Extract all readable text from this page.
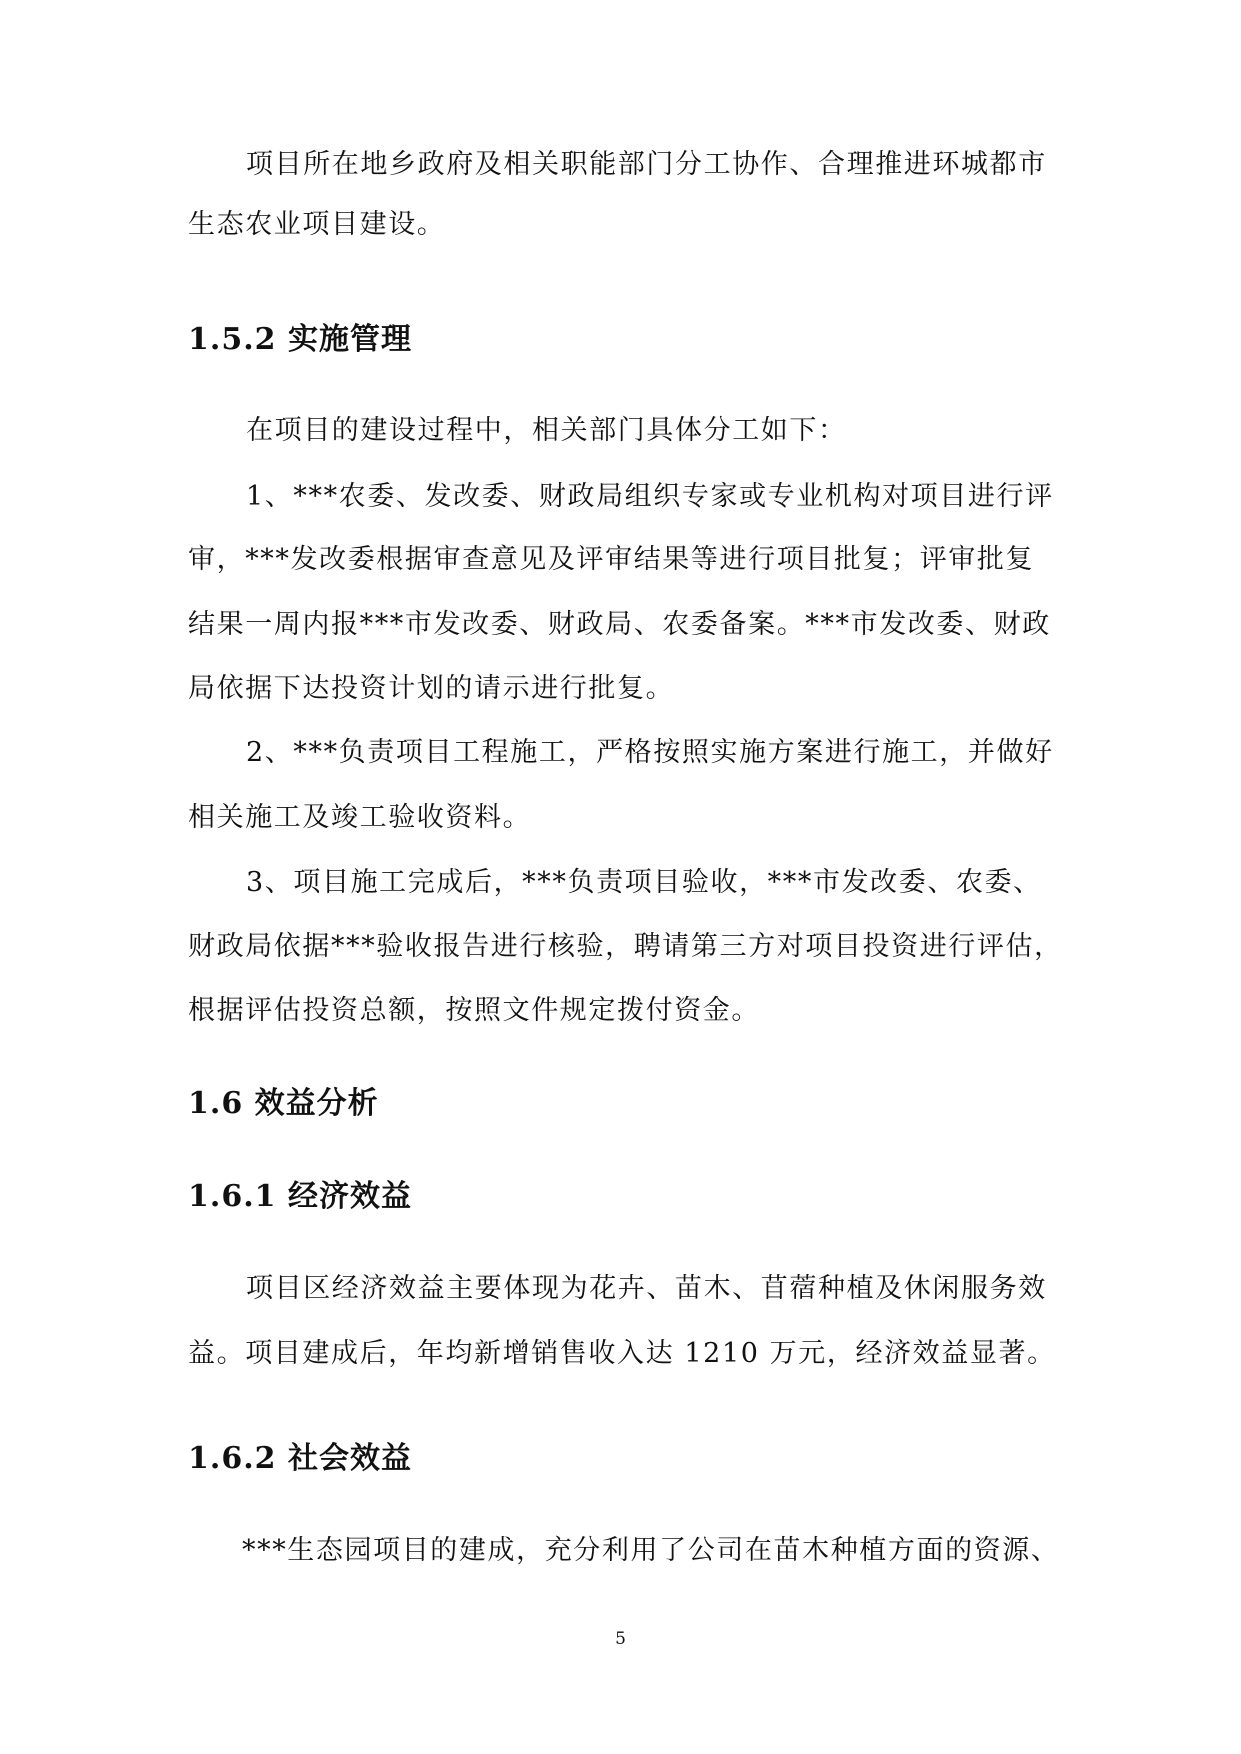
项目所在地乡政府及相关职能部门分工协作、合理推进环城都市

生态农业项目建设。

1.5.2 实施管理

在项目的建设过程中，相关部门具体分工如下：

1、***农委、发改委、财政局组织专家或专业机构对项目进行评

审，***发改委根据审查意见及评审结果等进行项目批复；评审批复

结果一周内报***市发改委、财政局、农委备案。***市发改委、财政

局依据下达投资计划的请示进行批复。

2、***负责项目工程施工，严格按照实施方案进行施工，并做好

相关施工及竣工验收资料。

3、项目施工完成后，***负责项目验收，***市发改委、农委、

财政局依据***验收报告进行核验，聘请第三方对项目投资进行评估，

根据评估投资总额，按照文件规定拨付资金。

1.6 效益分析
1.6.1 经济效益

项目区经济效益主要体现为花卉、苗木、苜蓿种植及休闲服务效

益。项目建成后，年均新增销售收入达 1210 万元，经济效益显著。

1.6.2 社会效益

***生态园项目的建成，充分利用了公司在苗木种植方面的资源、

5
